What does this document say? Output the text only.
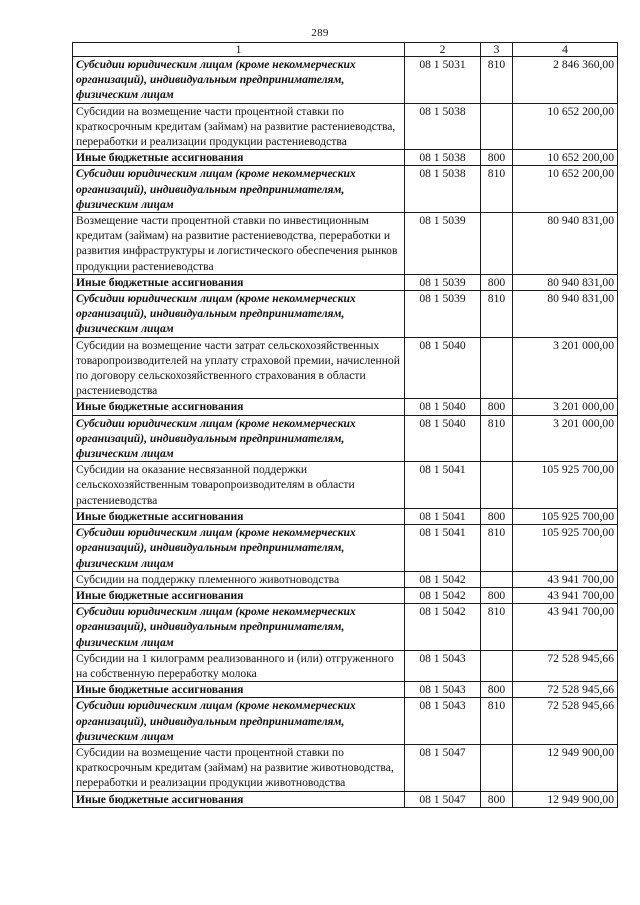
289
1	2	3	4
Субсидии юридическим лицам (кроме некоммерческих организаций), индивидуальным предпринимателям, физическим лицам	08 1 5031	810	2 846 360,00
Субсидии на возмещение части процентной ставки по краткосрочным кредитам (займам) на развитие растениеводства, переработки и реализации продукции растениеводства	08 1 5038		10 652 200,00
Иные бюджетные ассигнования	08 1 5038	800	10 652 200,00
Субсидии юридическим лицам (кроме некоммерческих организаций), индивидуальным предпринимателям, физическим лицам	08 1 5038	810	10 652 200,00
Возмещение части процентной ставки по инвестиционным кредитам (займам) на развитие растениеводства, переработки и развития инфраструктуры и логистического обеспечения рынков продукции растениеводства	08 1 5039		80 940 831,00
Иные бюджетные ассигнования	08 1 5039	800	80 940 831,00
Субсидии юридическим лицам (кроме некоммерческих организаций), индивидуальным предпринимателям, физическим лицам	08 1 5039	810	80 940 831,00
Субсидии на возмещение части затрат сельскохозяйственных товаропроизводителей на уплату страховой премии, начисленной по договору сельскохозяйственного страхования в области растениеводства	08 1 5040		3 201 000,00
Иные бюджетные ассигнования	08 1 5040	800	3 201 000,00
Субсидии юридическим лицам (кроме некоммерческих организаций), индивидуальным предпринимателям, физическим лицам	08 1 5040	810	3 201 000,00
Субсидии на оказание несвязанной поддержки сельскохозяйственным товаропроизводителям в области растениеводства	08 1 5041		105 925 700,00
Иные бюджетные ассигнования	08 1 5041	800	105 925 700,00
Субсидии юридическим лицам (кроме некоммерческих организаций), индивидуальным предпринимателям, физическим лицам	08 1 5041	810	105 925 700,00
Субсидии на поддержку племенного животноводства	08 1 5042		43 941 700,00
Иные бюджетные ассигнования	08 1 5042	800	43 941 700,00
Субсидии юридическим лицам (кроме некоммерческих организаций), индивидуальным предпринимателям, физическим лицам	08 1 5042	810	43 941 700,00
Субсидии на 1 килограмм реализованного и (или) отгруженного на собственную переработку молока	08 1 5043		72 528 945,66
Иные бюджетные ассигнования	08 1 5043	800	72 528 945,66
Субсидии юридическим лицам (кроме некоммерческих организаций), индивидуальным предпринимателям, физическим лицам	08 1 5043	810	72 528 945,66
Субсидии на возмещение части процентной ставки по краткосрочным кредитам (займам) на развитие животноводства, переработки и реализации продукции животноводства	08 1 5047		12 949 900,00
Иные бюджетные ассигнования	08 1 5047	800	12 949 900,00
